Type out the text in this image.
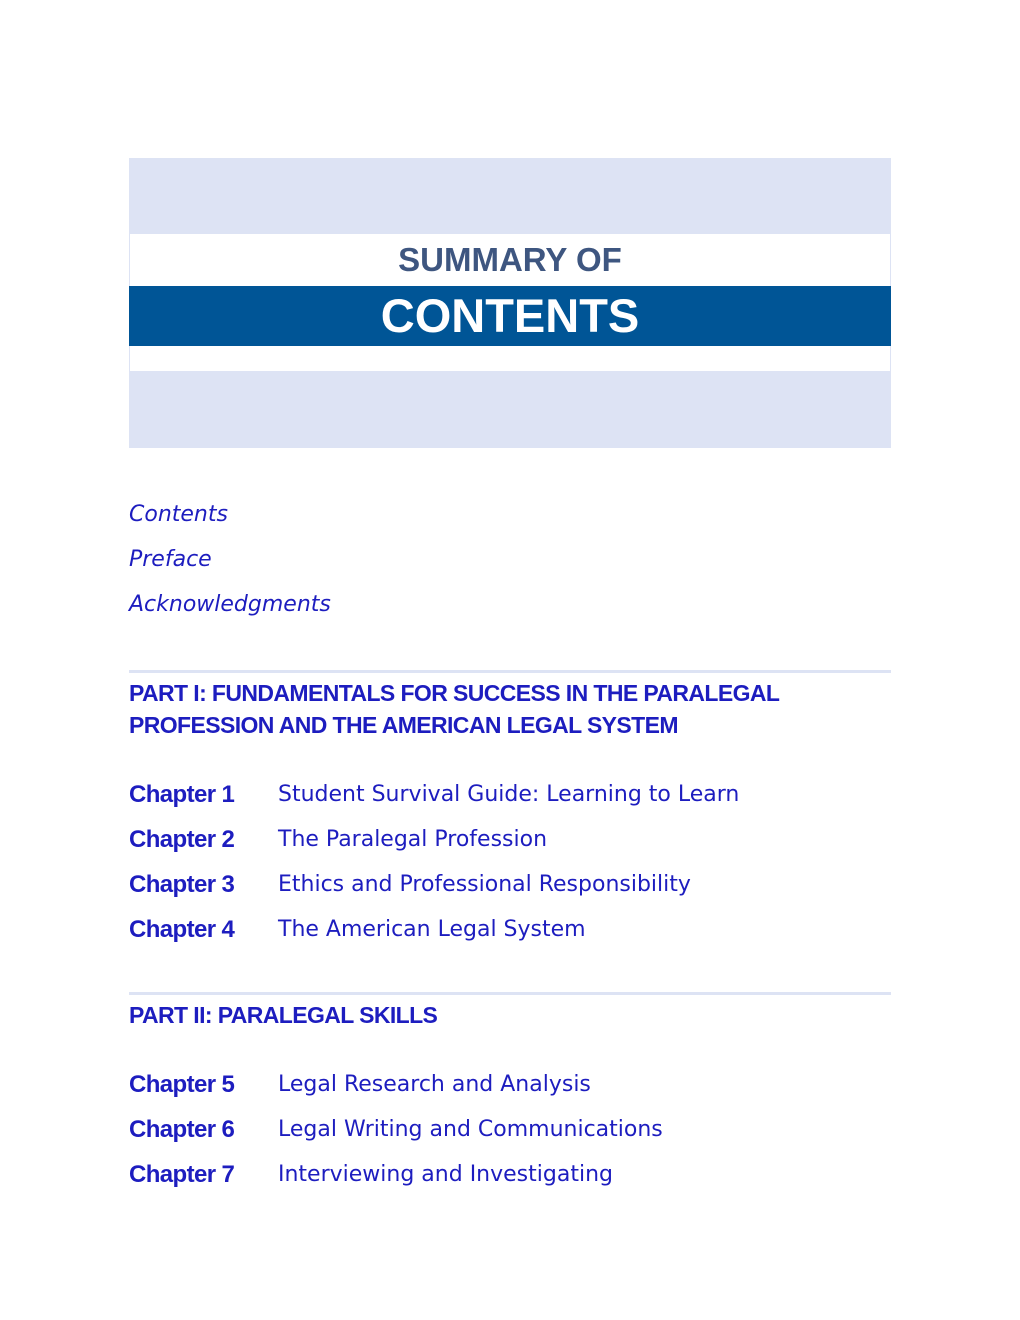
SUMMARY OF
CONTENTS
Contents
Preface
Acknowledgments
PART I: FUNDAMENTALS FOR SUCCESS IN THE PARALEGAL
PROFESSION AND THE AMERICAN LEGAL SYSTEM
Chapter 1	Student Survival Guide: Learning to Learn
Chapter 2	The Paralegal Profession
Chapter 3	Ethics and Professional Responsibility
Chapter 4	The American Legal System
PART II: PARALEGAL SKILLS
Chapter 5	Legal Research and Analysis
Chapter 6	Legal Writing and Communications
Chapter 7	Interviewing and Investigating
